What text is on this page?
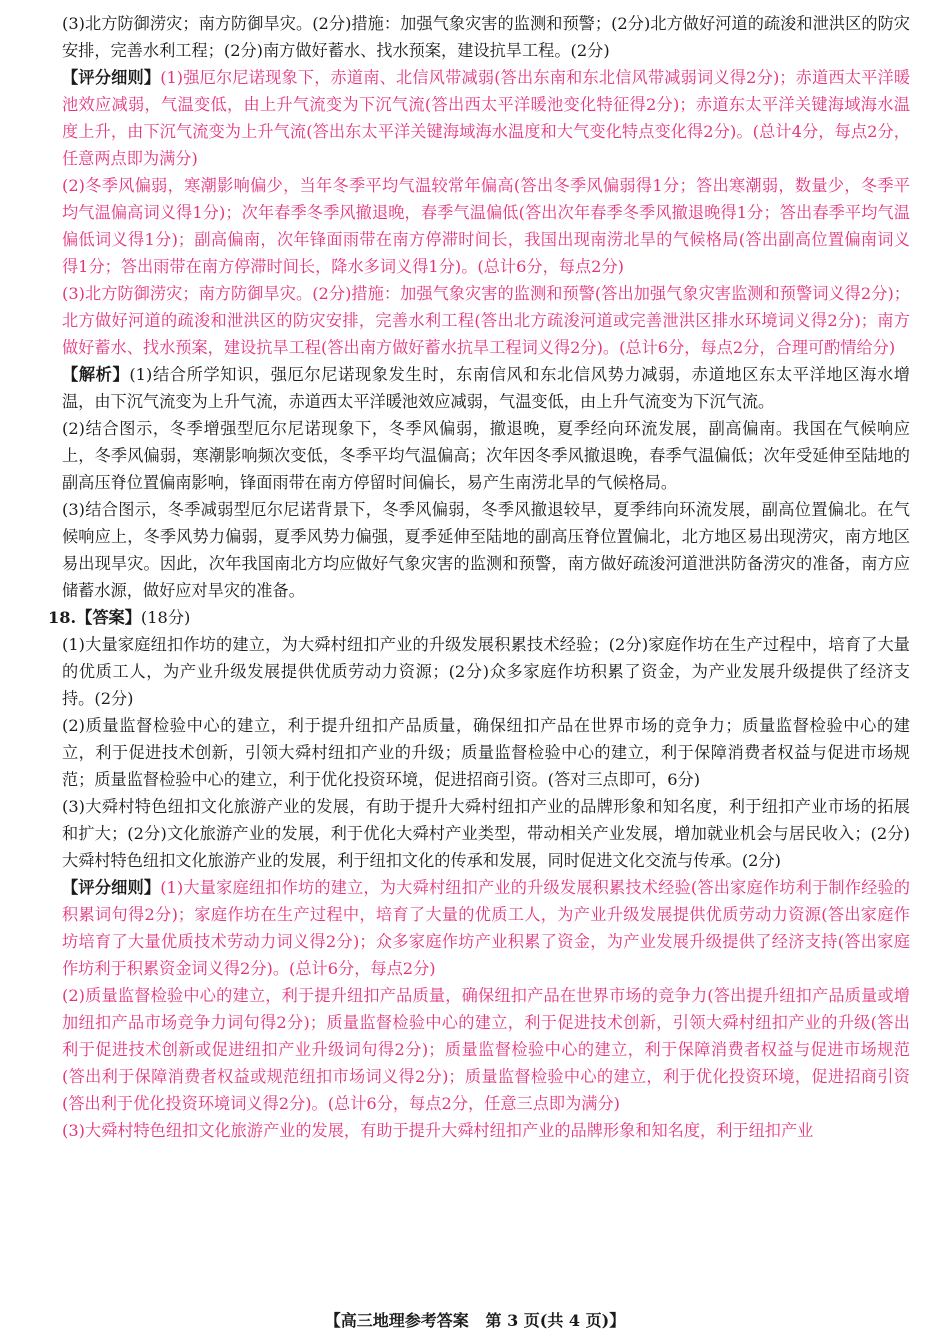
(3)北方防御涝灾；南方防御旱灾。(2分)措施：加强气象灾害的监测和预警；(2分)北方做好河道的疏浚和泄洪区的防灾安排，完善水利工程；(2分)南方做好蓄水、找水预案，建设抗旱工程。(2分)

【评分细则】(1)强厄尔尼诺现象下，赤道南、北信风带减弱(答出东南和东北信风带减弱词义得2分)；赤道西太平洋暖池效应减弱，气温变低，由上升气流变为下沉气流(答出西太平洋暖池变化特征得2分)；赤道东太平洋关键海域海水温度上升，由下沉气流变为上升气流(答出东太平洋关键海域海水温度和大气变化特点变化得2分)。(总计4分，每点2分，任意两点即为满分)

(2)冬季风偏弱，寒潮影响偏少，当年冬季平均气温较常年偏高(答出冬季风偏弱得1分；答出寒潮弱，数量少，冬季平均气温偏高词义得1分)；次年春季冬季风撤退晚，春季气温偏低(答出次年春季冬季风撤退晚得1分；答出春季平均气温偏低词义得1分)；副高偏南，次年锋面雨带在南方停滞时间长，我国出现南涝北旱的气候格局(答出副高位置偏南词义得1分；答出雨带在南方停滞时间长，降水多词义得1分)。(总计6分，每点2分)

(3)北方防御涝灾；南方防御旱灾。(2分)措施：加强气象灾害的监测和预警(答出加强气象灾害监测和预警词义得2分)；北方做好河道的疏浚和泄洪区的防灾安排，完善水利工程(答出北方疏浚河道或完善泄洪区排水环境词义得2分)；南方做好蓄水、找水预案，建设抗旱工程(答出南方做好蓄水抗旱工程词义得2分)。(总计6分，每点2分，合理可酌情给分)

【解析】(1)结合所学知识，强厄尔尼诺现象发生时，东南信风和东北信风势力减弱，赤道地区东太平洋地区海水增温，由下沉气流变为上升气流，赤道西太平洋暖池效应减弱，气温变低，由上升气流变为下沉气流。

(2)结合图示，冬季增强型厄尔尼诺现象下，冬季风偏弱，撤退晚，夏季经向环流发展，副高偏南。我国在气候响应上，冬季风偏弱，寒潮影响频次变低，冬季平均气温偏高；次年因冬季风撤退晚，春季气温偏低；次年受延伸至陆地的副高压脊位置偏南影响，锋面雨带在南方停留时间偏长，易产生南涝北旱的气候格局。

(3)结合图示，冬季减弱型厄尔尼诺背景下，冬季风偏弱，冬季风撤退较早，夏季纬向环流发展，副高位置偏北。在气候响应上，冬季风势力偏弱，夏季风势力偏强，夏季延伸至陆地的副高压脊位置偏北，北方地区易出现涝灾，南方地区易出现旱灾。因此，次年我国南北方均应做好气象灾害的监测和预警，南方做好疏浚河道泄洪防备涝灾的准备，南方应储蓄水源，做好应对旱灾的准备。

18.【答案】(18分)

(1)大量家庭纽扣作坊的建立，为大舜村纽扣产业的升级发展积累技术经验；(2分)家庭作坊在生产过程中，培育了大量的优质工人，为产业升级发展提供优质劳动力资源；(2分)众多家庭作坊积累了资金，为产业发展升级提供了经济支持。(2分)

(2)质量监督检验中心的建立，利于提升纽扣产品质量，确保纽扣产品在世界市场的竞争力；质量监督检验中心的建立，利于促进技术创新，引领大舜村纽扣产业的升级；质量监督检验中心的建立，利于保障消费者权益与促进市场规范；质量监督检验中心的建立，利于优化投资环境，促进招商引资。(答对三点即可，6分)

(3)大舜村特色纽扣文化旅游产业的发展，有助于提升大舜村纽扣产业的品牌形象和知名度，利于纽扣产业市场的拓展和扩大；(2分)文化旅游产业的发展，利于优化大舜村产业类型，带动相关产业发展，增加就业机会与居民收入；(2分)大舜村特色纽扣文化旅游产业的发展，利于纽扣文化的传承和发展，同时促进文化交流与传承。(2分)

【评分细则】(1)大量家庭纽扣作坊的建立，为大舜村纽扣产业的升级发展积累技术经验(答出家庭作坊利于制作经验的积累词句得2分)；家庭作坊在生产过程中，培育了大量的优质工人，为产业升级发展提供优质劳动力资源(答出家庭作坊培育了大量优质技术劳动力词义得2分)；众多家庭作坊产业积累了资金，为产业发展升级提供了经济支持(答出家庭作坊利于积累资金词义得2分)。(总计6分，每点2分)

(2)质量监督检验中心的建立，利于提升纽扣产品质量，确保纽扣产品在世界市场的竞争力(答出提升纽扣产品质量或增加纽扣产品市场竞争力词句得2分)；质量监督检验中心的建立，利于促进技术创新，引领大舜村纽扣产业的升级(答出利于促进技术创新或促进纽扣产业升级词句得2分)；质量监督检验中心的建立，利于保障消费者权益与促进市场规范(答出利于保障消费者权益或规范纽扣市场词义得2分)；质量监督检验中心的建立，利于优化投资环境，促进招商引资(答出利于优化投资环境词义得2分)。(总计6分，每点2分，任意三点即为满分)

(3)大舜村特色纽扣文化旅游产业的发展，有助于提升大舜村纽扣产业的品牌形象和知名度，利于纽扣产业

【高三地理参考答案 第 3 页(共 4 页)】
